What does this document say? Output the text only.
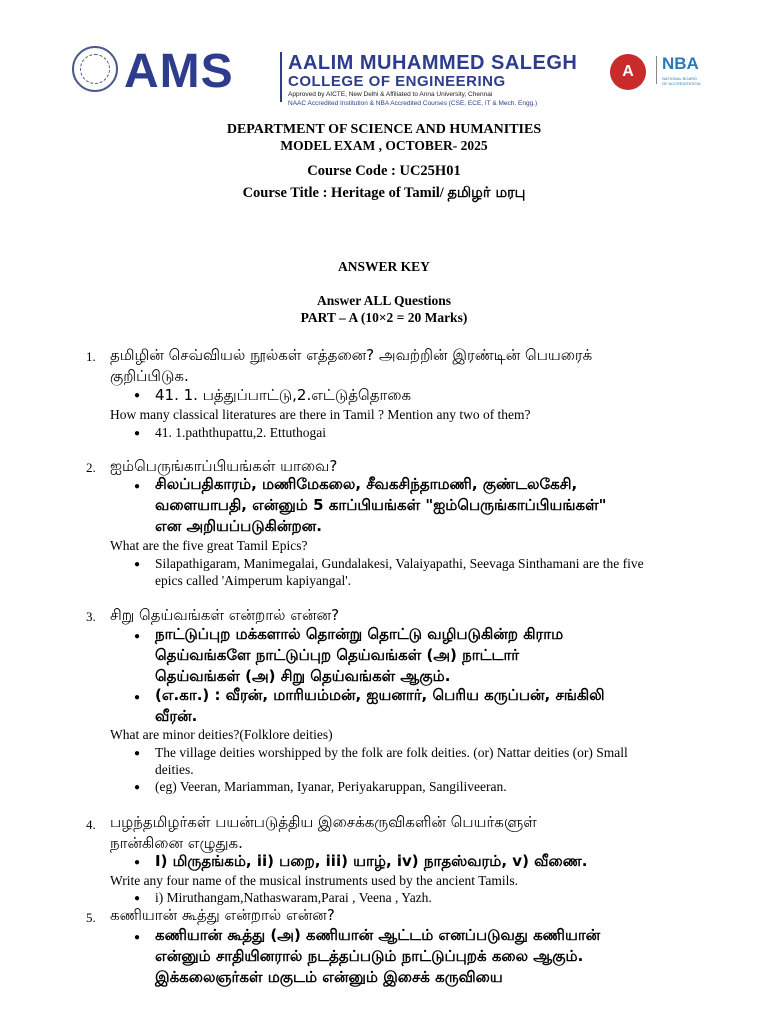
AMS	AALIM MUHAMMED SALEGH
COLLEGE OF ENGINEERING
Approved by AICTE, New Delhi & Affiliated to Anna University, Chennai
NAAC Accredited Institution & NBA Accredited Courses (CSE, ECE, IT & Mech. Engg.)
A	NBA
NATIONAL BOARD OF ACCREDITATION
DEPARTMENT OF SCIENCE AND HUMANITIES
MODEL EXAM , OCTOBER- 2025
Course Code : UC25H01
Course Title : Heritage of Tamil/ தமிழர் மரபு
ANSWER KEY
Answer ALL Questions
PART – A (10×2 = 20 Marks)
1. தமிழின் செவ்வியல் நூல்கள் எத்தனை? அவற்றின் இரண்டின் பெயரைக்
குறிப்பிடுக.
● 41. 1. பத்துப்பாட்டு,2.எட்டுத்தொகை
How many classical literatures are there in Tamil ? Mention any two of them?
● 41. 1.paththupattu,2. Ettuthogai
2. ஐம்பெருங்காப்பியங்கள் யாவை?
● சிலப்பதிகாரம், மணிமேகலை, சீவகசிந்தாமணி, குண்டலகேசி,
வளையாபதி, என்னும் 5 காப்பியங்கள் "ஐம்பெருங்காப்பியங்கள்"
என அறியப்படுகின்றன.
What are the five great Tamil Epics?
● Silapathigaram, Manimegalai, Gundalakesi, Valaiyapathi, Seevaga Sinthamani are the five
epics called 'Aimperum kapiyangal'.
3. சிறு தெய்வங்கள் என்றால் என்ன?
● நாட்டுப்புற மக்களால் தொன்று தொட்டு வழிபடுகின்ற கிராம
தெய்வங்களே நாட்டுப்புற தெய்வங்கள் (அ) நாட்டார்
தெய்வங்கள் (அ) சிறு தெய்வங்கள் ஆகும்.
● (எ.கா.) : வீரன், மாரியம்மன், ஐயனார், பெரிய கருப்பன், சங்கிலி
வீரன்.
What are minor deities?(Folklore deities)
● The village deities worshipped by the folk are folk deities. (or) Nattar deities (or) Small
deities.
● (eg) Veeran, Mariamman, Iyanar, Periyakaruppan, Sangiliveeran.
4. பழந்தமிழர்கள் பயன்படுத்திய இசைக்கருவிகளின் பெயர்களுள்
நான்கினை எழுதுக.
● I) மிருதங்கம், ii) பறை, iii) யாழ், iv) நாதஸ்வரம், v) வீணை.
Write any four name of the musical instruments used by the ancient Tamils.
● i) Miruthangam,Nathaswaram,Parai , Veena , Yazh.
5. கணியான் கூத்து என்றால் என்ன?
● கணியான் கூத்து (அ) கணியான் ஆட்டம் எனப்படுவது கணியான்
என்னும் சாதியினரால் நடத்தப்படும் நாட்டுப்புறக் கலை ஆகும்.
இக்கலைஞர்கள் மகுடம் என்னும் இசைக் கருவியை
